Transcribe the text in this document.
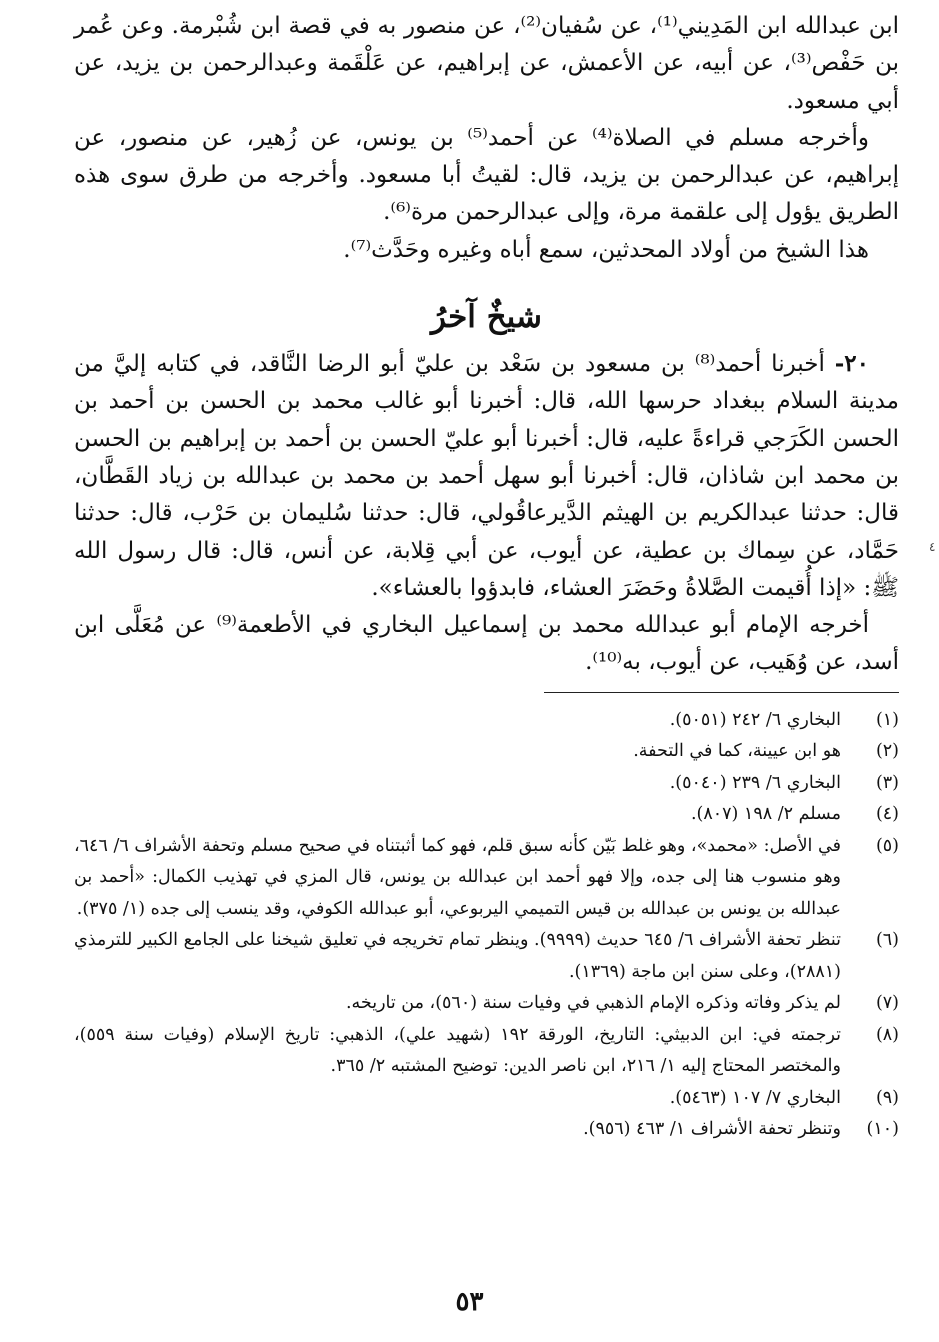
ابن عبدالله ابن المَدِيني⁽¹⁾، عن سُفيان⁽²⁾، عن منصور به في قصة ابن شُبْرمة. وعن عُمر بن حَفْص⁽³⁾، عن أبيه، عن الأعمش، عن إبراهيم، عن عَلْقَمة وعبدالرحمن بن يزيد، عن أبي مسعود.

وأخرجه مسلم في الصلاة⁽⁴⁾ عن أحمد⁽⁵⁾ بن يونس، عن زُهير، عن منصور، عن إبراهيم، عن عبدالرحمن بن يزيد، قال: لقيتُ أبا مسعود. وأخرجه من طرق سوى هذه الطريق يؤول إلى علقمة مرة، وإلى عبدالرحمن مرة⁽⁶⁾.

هذا الشيخ من أولاد المحدثين، سمع أباه وغيره وحَدَّث⁽⁷⁾.

شيخٌ آخرُ

٢٠- أخبرنا أحمد⁽⁸⁾ بن مسعود بن سَعْد بن عليّ أبو الرضا النَّاقد، في كتابه إليَّ من مدينة السلام ببغداد حرسها الله، قال: أخبرنا أبو غالب محمد بن الحسن بن أحمد بن الحسن الكَرَجي قراءةً عليه، قال: أخبرنا أبو عليّ الحسن بن أحمد بن إبراهيم بن الحسن بن محمد ابن شاذان، قال: أخبرنا أبو سهل أحمد بن محمد بن عبدالله بن زياد القَطَّان، قال: حدثنا عبدالكريم بن الهيثم الدَّيرعاقُولي، قال: حدثنا سُليمان بن حَرْب، قال: حدثنا حَمَّاد، عن سِماك بن عطية، عن أيوب، عن أبي قِلابة، عن أنس، قال: قال رسول الله ﷺ: «إذا أُقيمت الصَّلاةُ وحَضَرَ العشاء، فابدؤوا بالعشاء».

أخرجه الإمام أبو عبدالله محمد بن إسماعيل البخاري في الأطعمة⁽⁹⁾ عن مُعَلَّى ابن أسد، عن وُهَيب، عن أيوب، به⁽¹⁰⁾.

(١)
البخاري ٦/ ٢٤٢ (٥٠٥١).
(٢)
هو ابن عيينة، كما في التحفة.
(٣)
البخاري ٦/ ٢٣٩ (٥٠٤٠).
(٤)
مسلم ٢/ ١٩٨ (٨٠٧).
(٥)
في الأصل: «محمد»، وهو غلط بَيّن كأنه سبق قلم، فهو كما أثبتناه في صحيح مسلم وتحفة الأشراف ٦/ ٦٤٦، وهو منسوب هنا إلى جده، وإلا فهو أحمد ابن عبدالله بن يونس، قال المزي في تهذيب الكمال: «أحمد بن عبدالله بن يونس بن عبدالله بن قيس التميمي اليربوعي، أبو عبدالله الكوفي، وقد ينسب إلى جده (١/ ٣٧٥).
(٦)
تنظر تحفة الأشراف ٦/ ٦٤٥ حديث (٩٩٩٩). وينظر تمام تخريجه في تعليق شيخنا على الجامع الكبير للترمذي (٢٨٨١)، وعلى سنن ابن ماجة (١٣٦٩).
(٧)
لم يذكر وفاته وذكره الإمام الذهبي في وفيات سنة (٥٦٠)، من تاريخه.
(٨)
ترجمته في: ابن الدبيثي: التاريخ، الورقة ١٩٢ (شهيد علي)، الذهبي: تاريخ الإسلام (وفيات سنة ٥٥٩)، والمختصر المحتاج إليه ١/ ٢١٦، ابن ناصر الدين: توضيح المشتبه ٢/ ٣٦٥.
(٩)
البخاري ٧/ ١٠٧ (٥٤٦٣).
(١٠)
وتنظر تحفة الأشراف ١/ ٤٦٣ (٩٥٦).
٤
٥٣
